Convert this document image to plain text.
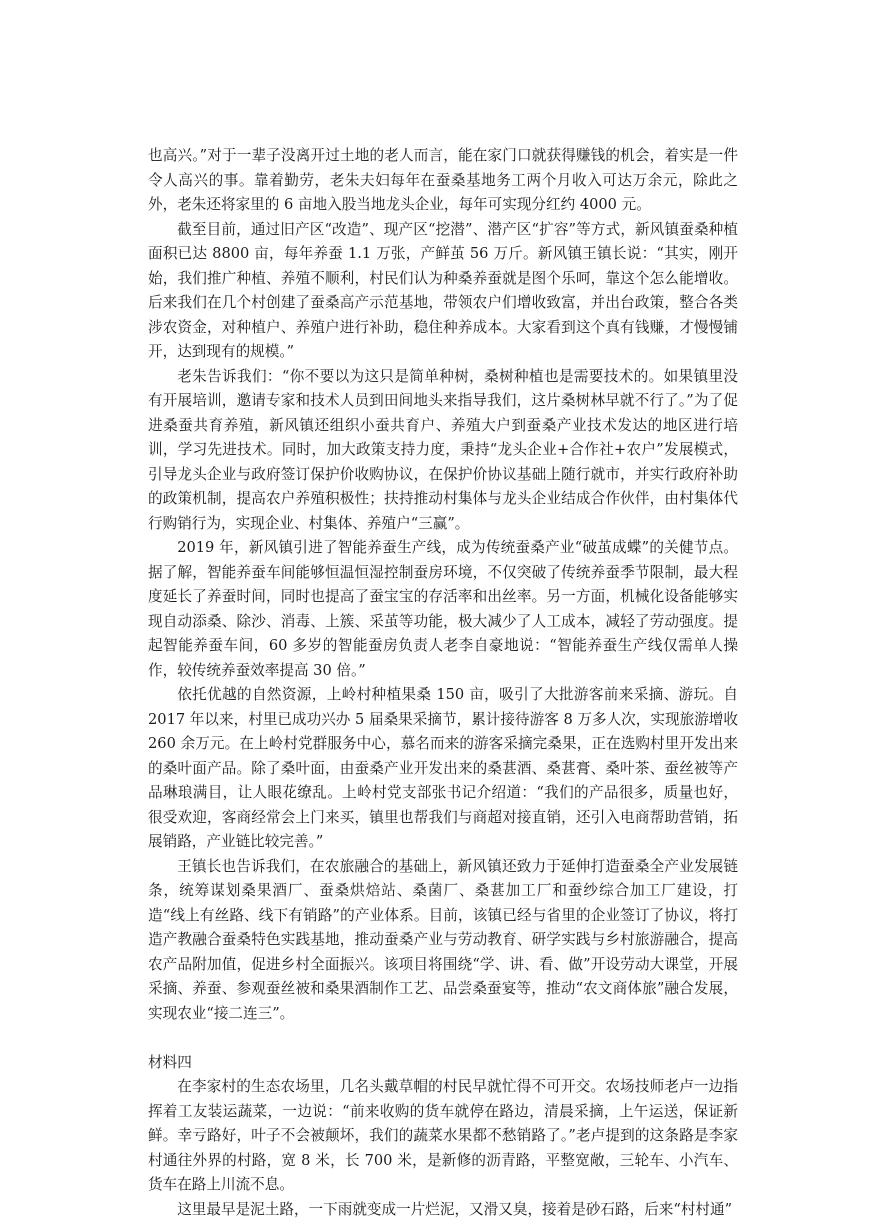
也高兴。”对于一辈子没离开过土地的老人而言，能在家门口就获得赚钱的机会，着实是一件令人高兴的事。靠着勤劳，老朱夫妇每年在蚕桑基地务工两个月收入可达万余元，除此之外，老朱还将家里的 6 亩地入股当地龙头企业，每年可实现分红约 4000 元。

截至目前，通过旧产区“改造”、现产区“挖潜”、潜产区“扩容”等方式，新风镇蚕桑种植面积已达 8800 亩，每年养蚕 1.1 万张，产鲜茧 56 万斤。新风镇王镇长说：“其实，刚开始，我们推广种植、养殖不顺利，村民们认为种桑养蚕就是图个乐呵，靠这个怎么能增收。后来我们在几个村创建了蚕桑高产示范基地，带领农户们增收致富，并出台政策，整合各类涉农资金，对种植户、养殖户进行补助，稳住种养成本。大家看到这个真有钱赚，才慢慢铺开，达到现有的规模。”

老朱告诉我们：“你不要以为这只是简单种树，桑树种植也是需要技术的。如果镇里没有开展培训，邀请专家和技术人员到田间地头来指导我们，这片桑树林早就不行了。”为了促进桑蚕共育养殖，新风镇还组织小蚕共育户、养殖大户到蚕桑产业技术发达的地区进行培训，学习先进技术。同时，加大政策支持力度，秉持“龙头企业+合作社+农户”发展模式，引导龙头企业与政府签订保护价收购协议，在保护价协议基础上随行就市，并实行政府补助的政策机制，提高农户养殖积极性；扶持推动村集体与龙头企业结成合作伙伴，由村集体代行购销行为，实现企业、村集体、养殖户“三赢”。

2019 年，新风镇引进了智能养蚕生产线，成为传统蚕桑产业“破茧成蝶”的关健节点。据了解，智能养蚕车间能够恒温恒湿控制蚕房环境，不仅突破了传统养蚕季节限制，最大程度延长了养蚕时间，同时也提高了蚕宝宝的存活率和出丝率。另一方面，机械化设备能够实现自动添桑、除沙、消毒、上簇、采茧等功能，极大减少了人工成本，减轻了劳动强度。提起智能养蚕车间，60 多岁的智能蚕房负责人老李自豪地说：“智能养蚕生产线仅需单人操作，较传统养蚕效率提高 30 倍。”

依托优越的自然资源，上岭村种植果桑 150 亩，吸引了大批游客前来采摘、游玩。自 2017 年以来，村里已成功兴办 5 届桑果采摘节，累计接待游客 8 万多人次，实现旅游增收 260 余万元。在上岭村党群服务中心，慕名而来的游客采摘完桑果，正在选购村里开发出来的桑叶面产品。除了桑叶面，由蚕桑产业开发出来的桑葚酒、桑葚膏、桑叶茶、蚕丝被等产品琳琅满目，让人眼花缭乱。上岭村党支部张书记介绍道：“我们的产品很多，质量也好，很受欢迎，客商经常会上门来买，镇里也帮我们与商超对接直销，还引入电商帮助营销，拓展销路，产业链比较完善。”

王镇长也告诉我们，在农旅融合的基础上，新风镇还致力于延伸打造蚕桑全产业发展链条，统筹谋划桑果酒厂、蚕桑烘焙站、桑菌厂、桑葚加工厂和蚕纱综合加工厂建设，打造“线上有丝路、线下有销路”的产业体系。目前，该镇已经与省里的企业签订了协议，将打造产教融合蚕桑特色实践基地，推动蚕桑产业与劳动教育、研学实践与乡村旅游融合，提高农产品附加值，促进乡村全面振兴。该项目将围绕“学、讲、看、做”开设劳动大课堂，开展采摘、养蚕、参观蚕丝被和桑果酒制作工艺、品尝桑蚕宴等，推动“农文商体旅”融合发展，实现农业“接二连三”。

材料四

在李家村的生态农场里，几名头戴草帽的村民早就忙得不可开交。农场技师老卢一边指挥着工友装运蔬菜，一边说：“前来收购的货车就停在路边，清晨采摘，上午运送，保证新鲜。幸亏路好，叶子不会被颠坏，我们的蔬菜水果都不愁销路了。”老卢提到的这条路是李家村通往外界的村路，宽 8 米，长 700 米，是新修的沥青路，平整宽敞，三轮车、小汽车、货车在路上川流不息。

这里最早是泥土路，一下雨就变成一片烂泥，又滑又臭，接着是砂石路，后来“村村通”
